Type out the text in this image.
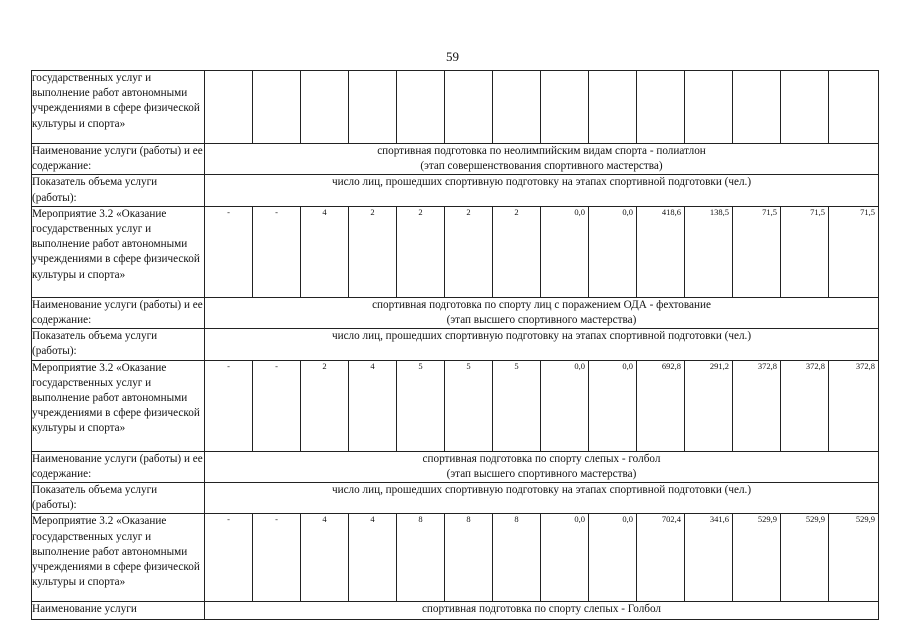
59
государственных услуг и выполнение работ автономными учреждениями в сфере физической культуры и спорта»														
Наименование услуги (работы) и ее содержание:	спортивная подготовка по неолимпийским видам спорта - полиатлон
(этап совершенствования спортивного мастерства)													

Показатель объема услуги (работы):	число лиц, прошедших спортивную подготовку на этапах спортивной подготовки (чел.)													
Мероприятие 3.2 «Оказание государственных услуг и выполнение работ автономными учреждениями в сфере физической культуры и спорта»	-	-	4	2	2	2	2	0,0	0,0	418,6	138,5	71,5	71,5	71,5
Наименование услуги (работы) и ее содержание:	спортивная подготовка по спорту лиц с поражением ОДА - фехтование
(этап высшего спортивного мастерства)													

Показатель объема услуги (работы):	число лиц, прошедших спортивную подготовку на этапах спортивной подготовки (чел.)													
Мероприятие 3.2 «Оказание государственных услуг и выполнение работ автономными учреждениями в сфере физической культуры и спорта»	-	-	2	4	5	5	5	0,0	0,0	692,8	291,2	372,8	372,8	372,8
Наименование услуги (работы) и ее содержание:	спортивная подготовка по спорту слепых - голбол
(этап высшего спортивного мастерства)													

Показатель объема услуги (работы):	число лиц, прошедших спортивную подготовку на этапах спортивной подготовки (чел.)													
Мероприятие 3.2 «Оказание государственных услуг и выполнение работ автономными учреждениями в сфере физической культуры и спорта»	-	-	4	4	8	8	8	0,0	0,0	702,4	341,6	529,9	529,9	529,9
Наименование услуги	спортивная подготовка по спорту слепых - Голбол													
